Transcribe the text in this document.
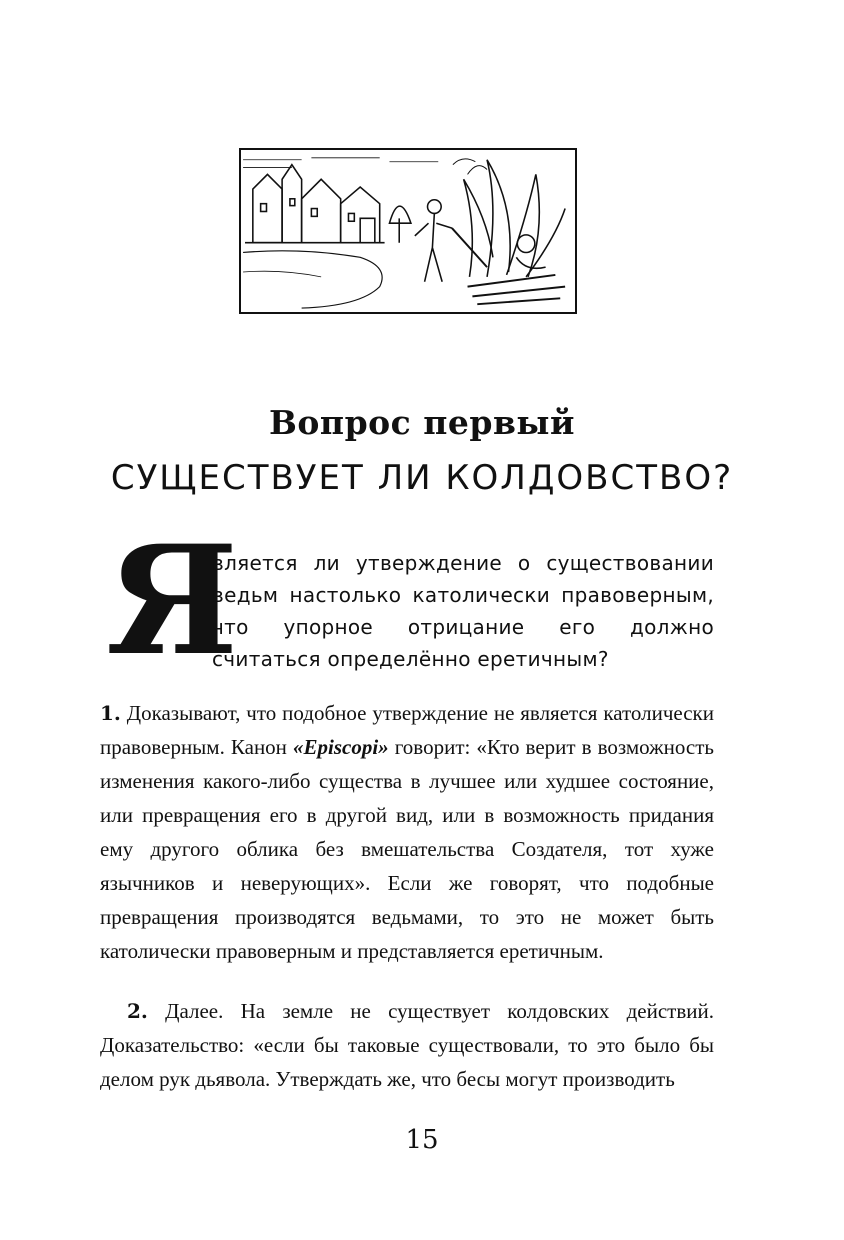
Вопрос первый
СУЩЕСТВУЕТ ЛИ КОЛДОВСТВО?
Я
вляется ли утверждение о существовании ведьм настолько католически правоверным, что упорное отрицание его должно считаться определённо еретичным?
1. Доказывают, что подобное утверждение не является католически правоверным. Канон «Episcopi» говорит: «Кто верит в возможность изменения какого-либо существа в лучшее или худшее состояние, или превращения его в другой вид, или в возможность придания ему другого облика без вмешательства Создателя, тот хуже язычников и неверующих». Если же говорят, что подобные превращения производятся ведьмами, то это не может быть католически правоверным и представляется еретичным.
2. Далее. На земле не существует колдовских действий. Доказательство: «если бы таковые существовали, то это было бы делом рук дьявола. Утверждать же, что бесы могут производить
15
